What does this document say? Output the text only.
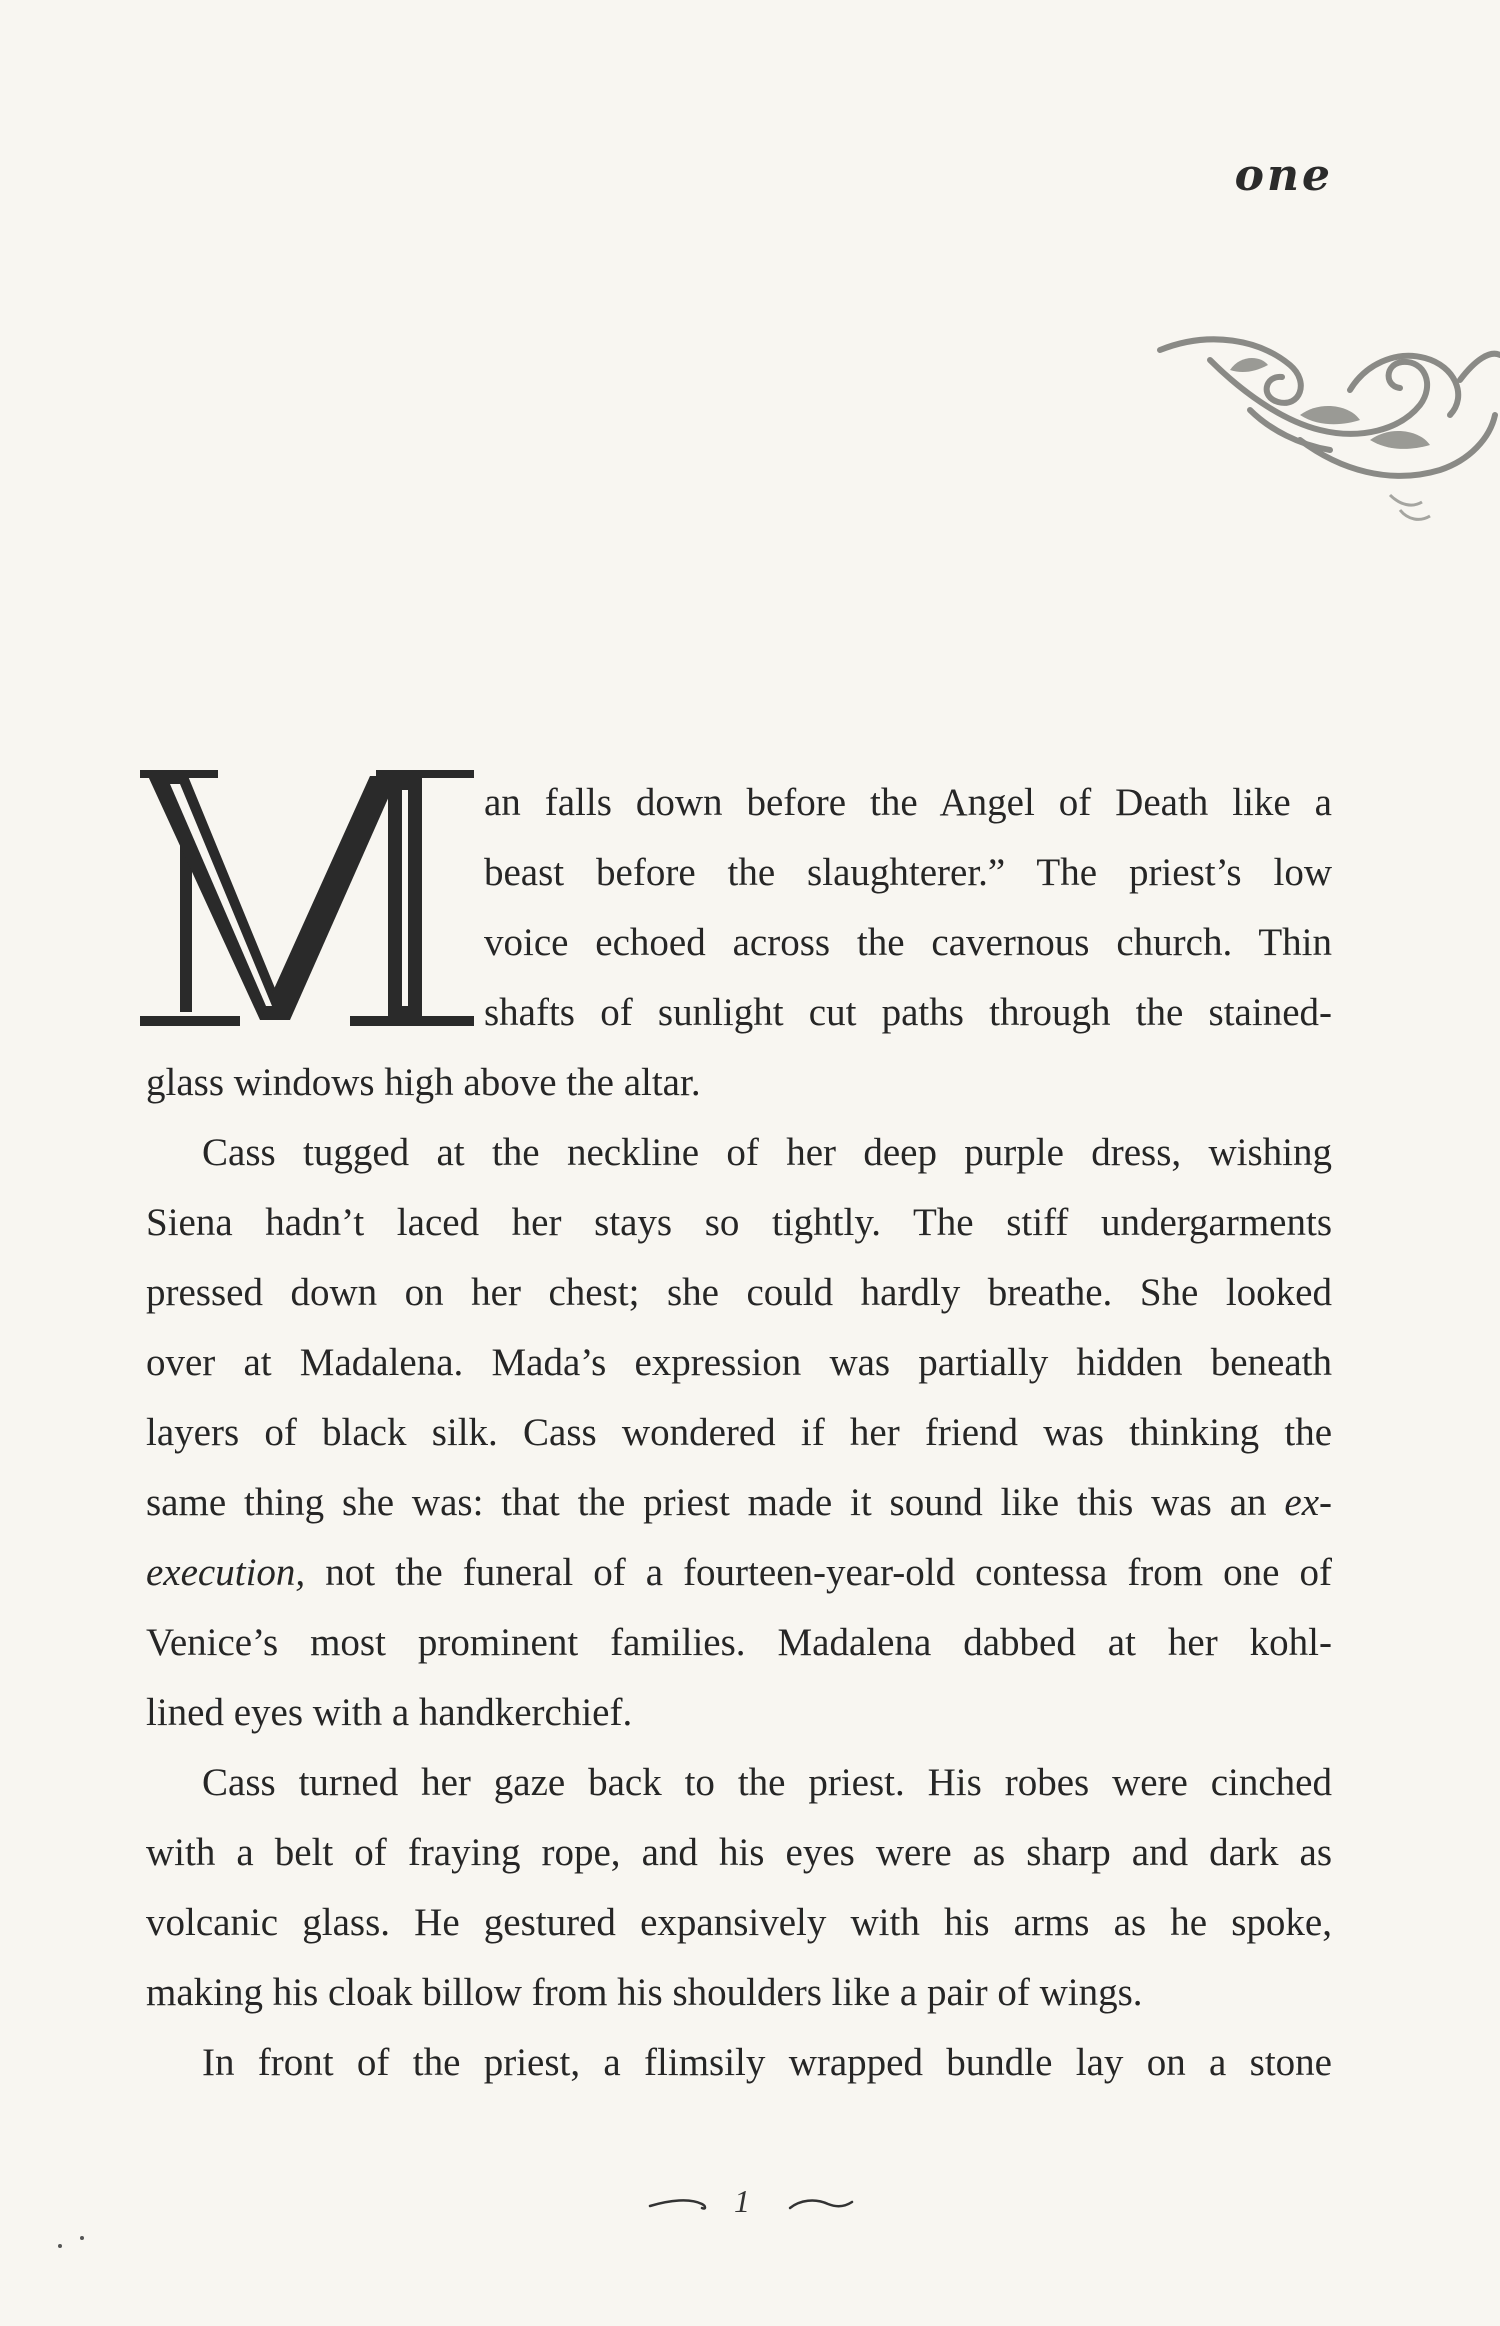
one

an falls down before the Angel of Death like a
beast before the slaughterer.” The priest’s low
voice echoed across the cavernous church. Thin
shafts of sunlight cut paths through the stained-
glass windows high above the altar.

Cass tugged at the neckline of her deep purple dress, wishing
Siena hadn’t laced her stays so tightly. The stiff undergarments
pressed down on her chest; she could hardly breathe. She looked
over at Madalena. Mada’s expression was partially hidden beneath
layers of black silk. Cass wondered if her friend was thinking the
same thing she was: that the priest made it sound like this was an ex-
execution, not the funeral of a fourteen-year-old contessa from one of
Venice’s most prominent families. Madalena dabbed at her kohl-
lined eyes with a handkerchief.

Cass turned her gaze back to the priest. His robes were cinched
with a belt of fraying rope, and his eyes were as sharp and dark as
volcanic glass. He gestured expansively with his arms as he spoke,
making his cloak billow from his shoulders like a pair of wings.

In front of the priest, a flimsily wrapped bundle lay on a stone

1
